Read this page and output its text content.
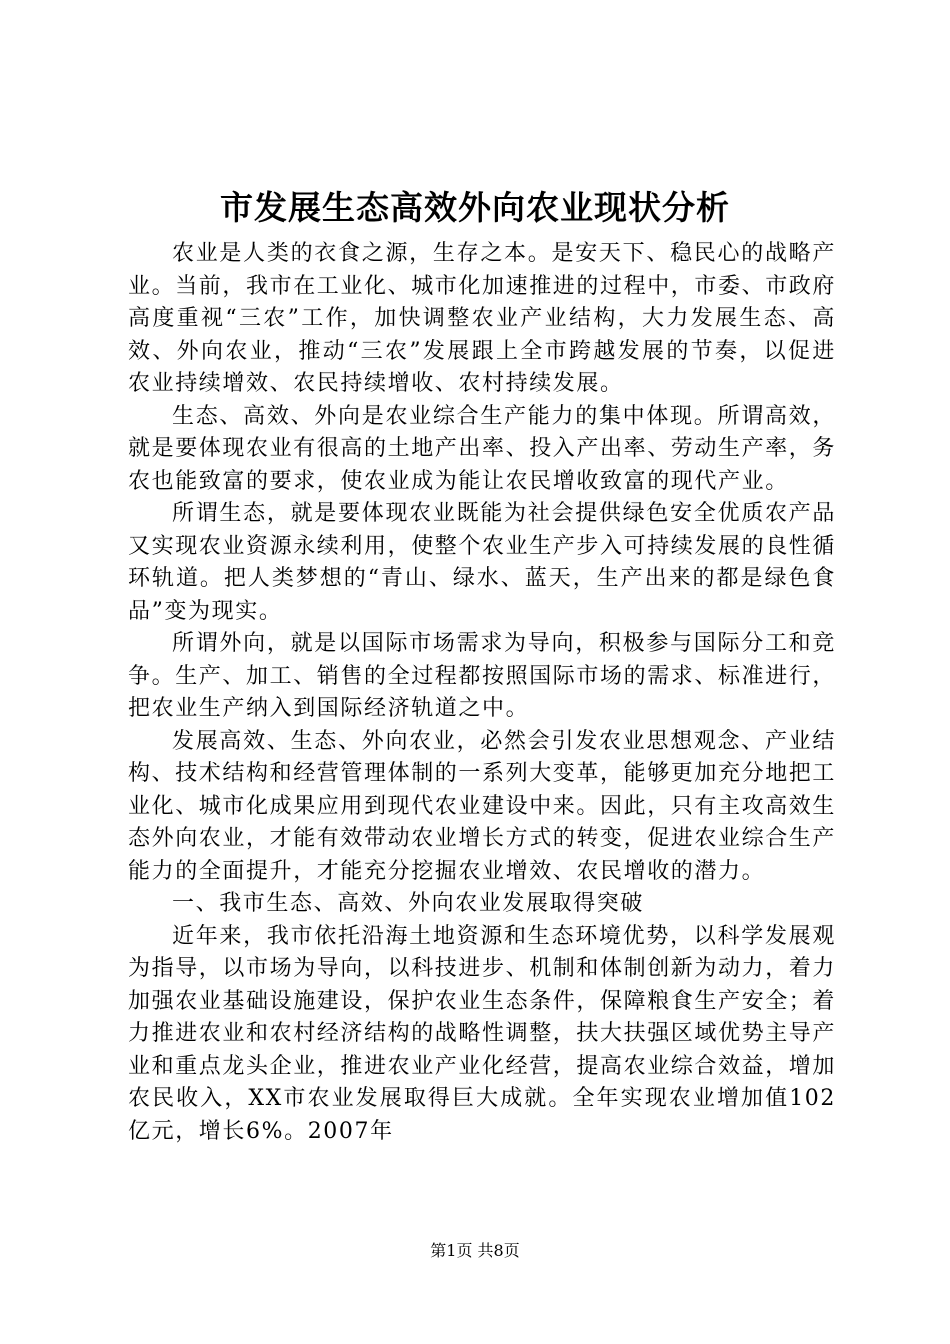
市发展生态高效外向农业现状分析

农业是人类的衣食之源，生存之本。是安天下、稳民心的战略产业。当前，我市在工业化、城市化加速推进的过程中，市委、市政府高度重视“三农”工作，加快调整农业产业结构，大力发展生态、高效、外向农业，推动“三农”发展跟上全市跨越发展的节奏，以促进农业持续增效、农民持续增收、农村持续发展。

生态、高效、外向是农业综合生产能力的集中体现。所谓高效，就是要体现农业有很高的土地产出率、投入产出率、劳动生产率，务农也能致富的要求，使农业成为能让农民增收致富的现代产业。

所谓生态，就是要体现农业既能为社会提供绿色安全优质农产品又实现农业资源永续利用，使整个农业生产步入可持续发展的良性循环轨道。把人类梦想的“青山、绿水、蓝天，生产出来的都是绿色食品”变为现实。

所谓外向，就是以国际市场需求为导向，积极参与国际分工和竞争。生产、加工、销售的全过程都按照国际市场的需求、标准进行，把农业生产纳入到国际经济轨道之中。

发展高效、生态、外向农业，必然会引发农业思想观念、产业结构、技术结构和经营管理体制的一系列大变革，能够更加充分地把工业化、城市化成果应用到现代农业建设中来。因此，只有主攻高效生态外向农业，才能有效带动农业增长方式的转变，促进农业综合生产能力的全面提升，才能充分挖掘农业增效、农民增收的潜力。

一、我市生态、高效、外向农业发展取得突破

近年来，我市依托沿海土地资源和生态环境优势，以科学发展观为指导，以市场为导向，以科技进步、机制和体制创新为动力，着力加强农业基础设施建设，保护农业生态条件，保障粮食生产安全；着力推进农业和农村经济结构的战略性调整，扶大扶强区域优势主导产业和重点龙头企业，推进农业产业化经营，提高农业综合效益，增加农民收入，XX市农业发展取得巨大成就。全年实现农业增加值102亿元，增长6%。2007年

第1页 共8页
